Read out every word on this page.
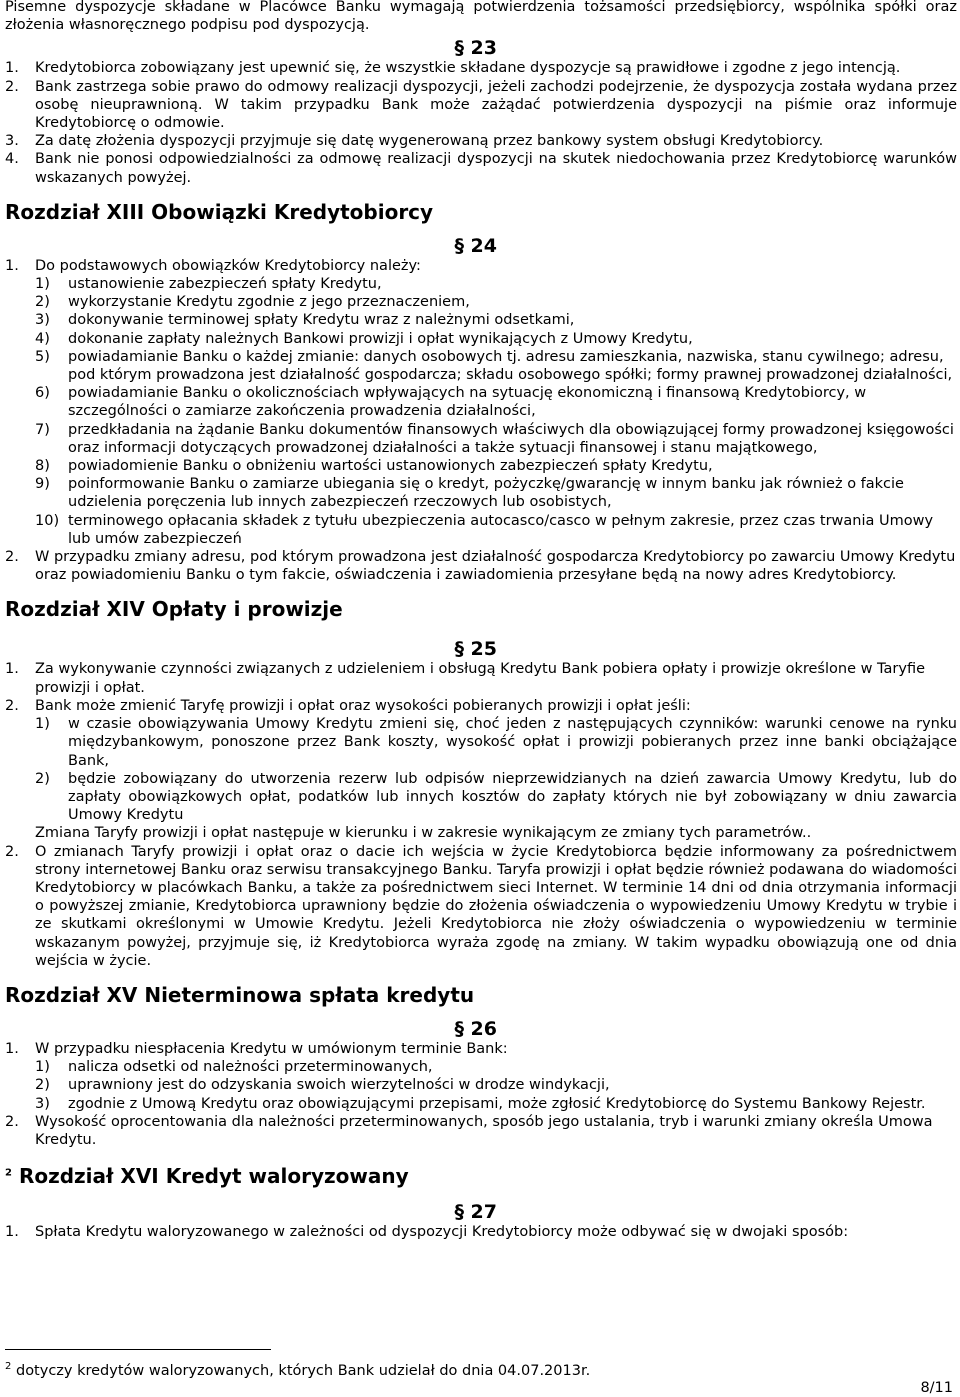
Pisemne dyspozycje składane w Placówce Banku wymagają potwierdzenia tożsamości przedsiębiorcy, wspólnika spółki oraz złożenia własnoręcznego podpisu pod dyspozycją.

§ 23
1.	Kredytobiorca zobowiązany jest upewnić się, że wszystkie składane dyspozycje są prawidłowe i zgodne z jego intencją.
2.	Bank zastrzega sobie prawo do odmowy realizacji dyspozycji, jeżeli zachodzi podejrzenie, że dyspozycja została wydana przez osobę nieuprawnioną. W takim przypadku Bank może zażądać potwierdzenia dyspozycji na piśmie oraz informuje Kredytobiorcę o odmowie.
3.	Za datę złożenia dyspozycji przyjmuje się datę wygenerowaną przez bankowy system obsługi Kredytobiorcy.
4.	Bank nie ponosi odpowiedzialności za odmowę realizacji dyspozycji na skutek niedochowania przez Kredytobiorcę warunków wskazanych powyżej.
Rozdział XIII Obowiązki Kredytobiorcy
§ 24
1.	Do podstawowych obowiązków Kredytobiorcy należy:
1)	ustanowienie zabezpieczeń spłaty Kredytu,
2)	wykorzystanie Kredytu zgodnie z jego przeznaczeniem,
3)	dokonywanie terminowej spłaty Kredytu wraz z należnymi odsetkami,
4)	dokonanie zapłaty należnych Bankowi prowizji i opłat wynikających z Umowy Kredytu,
5)	powiadamianie Banku o każdej zmianie: danych osobowych tj. adresu zamieszkania, nazwiska, stanu cywilnego; adresu, pod którym prowadzona jest działalność gospodarcza; składu osobowego spółki; formy prawnej prowadzonej działalności,
6)	powiadamianie Banku o okolicznościach wpływających na sytuację ekonomiczną i finansową Kredytobiorcy, w szczególności o zamiarze zakończenia prowadzenia działalności,
7)	przedkładania na żądanie Banku dokumentów finansowych właściwych dla obowiązującej formy prowadzonej księgowości oraz informacji dotyczących prowadzonej działalności a także sytuacji finansowej i stanu majątkowego,
8)	powiadomienie Banku o obniżeniu wartości ustanowionych zabezpieczeń spłaty Kredytu,
9)	poinformowanie Banku o zamiarze ubiegania się o kredyt, pożyczkę/gwarancję w innym banku jak również o fakcie udzielenia poręczenia lub innych zabezpieczeń rzeczowych lub osobistych,
10) terminowego opłacania składek z tytułu ubezpieczenia autocasco/casco w pełnym zakresie, przez czas trwania Umowy lub umów zabezpieczeń
2.	W przypadku zmiany adresu, pod którym prowadzona jest działalność gospodarcza Kredytobiorcy po zawarciu Umowy Kredytu oraz powiadomieniu Banku o tym fakcie, oświadczenia i zawiadomienia przesyłane będą na nowy adres Kredytobiorcy.
Rozdział XIV Opłaty i prowizje
§ 25
1.	Za wykonywanie czynności związanych z udzieleniem i obsługą Kredytu Bank pobiera opłaty i prowizje określone w Taryfie prowizji i opłat.
2.	Bank może zmienić Taryfę prowizji i opłat oraz wysokości pobieranych prowizji i opłat jeśli:
1)	w czasie obowiązywania Umowy Kredytu zmieni się, choć jeden z następujących czynników: warunki cenowe na rynku międzybankowym, ponoszone przez Bank koszty, wysokość opłat i prowizji pobieranych przez inne banki obciążające Bank,
2)	będzie zobowiązany do utworzenia rezerw lub odpisów nieprzewidzianych na dzień zawarcia Umowy Kredytu, lub do zapłaty obowiązkowych opłat, podatków lub innych kosztów do zapłaty których nie był zobowiązany w dniu zawarcia Umowy Kredytu
Zmiana Taryfy prowizji i opłat następuje w kierunku i w zakresie wynikającym ze zmiany tych parametrów..
2.	O zmianach Taryfy prowizji i opłat oraz o dacie ich wejścia w życie Kredytobiorca będzie informowany za pośrednictwem strony internetowej Banku oraz serwisu transakcyjnego Banku. Taryfa prowizji i opłat będzie również podawana do wiadomości Kredytobiorcy w placówkach Banku, a także za pośrednictwem sieci Internet. W terminie 14 dni od dnia otrzymania informacji o powyższej zmianie, Kredytobiorca uprawniony będzie do złożenia oświadczenia o wypowiedzeniu Umowy Kredytu w trybie i ze skutkami określonymi w Umowie Kredytu. Jeżeli Kredytobiorca nie złoży oświadczenia o wypowiedzeniu w terminie wskazanym powyżej, przyjmuje się, iż Kredytobiorca wyraża zgodę na zmiany. W takim wypadku obowiązują one od dnia wejścia w życie.
Rozdział XV Nieterminowa spłata kredytu
§ 26
1.	W przypadku niespłacenia Kredytu w umówionym terminie Bank:
1)	nalicza odsetki od należności przeterminowanych,
2)	uprawniony jest do odzyskania swoich wierzytelności w drodze windykacji,
3)	zgodnie z Umową Kredytu oraz obowiązującymi przepisami, może zgłosić Kredytobiorcę do Systemu Bankowy Rejestr.
2.	Wysokość oprocentowania dla należności przeterminowanych, sposób jego ustalania, tryb i warunki zmiany określa Umowa Kredytu.
$^2$ Rozdział XVI Kredyt waloryzowany
§ 27
1.	Spłata Kredytu waloryzowanego w zależności od dyspozycji Kredytobiorcy może odbywać się w dwojaki sposób:
$^2$ dotyczy kredytów waloryzowanych, których Bank udzielał do dnia 04.07.2013r.
8/11
